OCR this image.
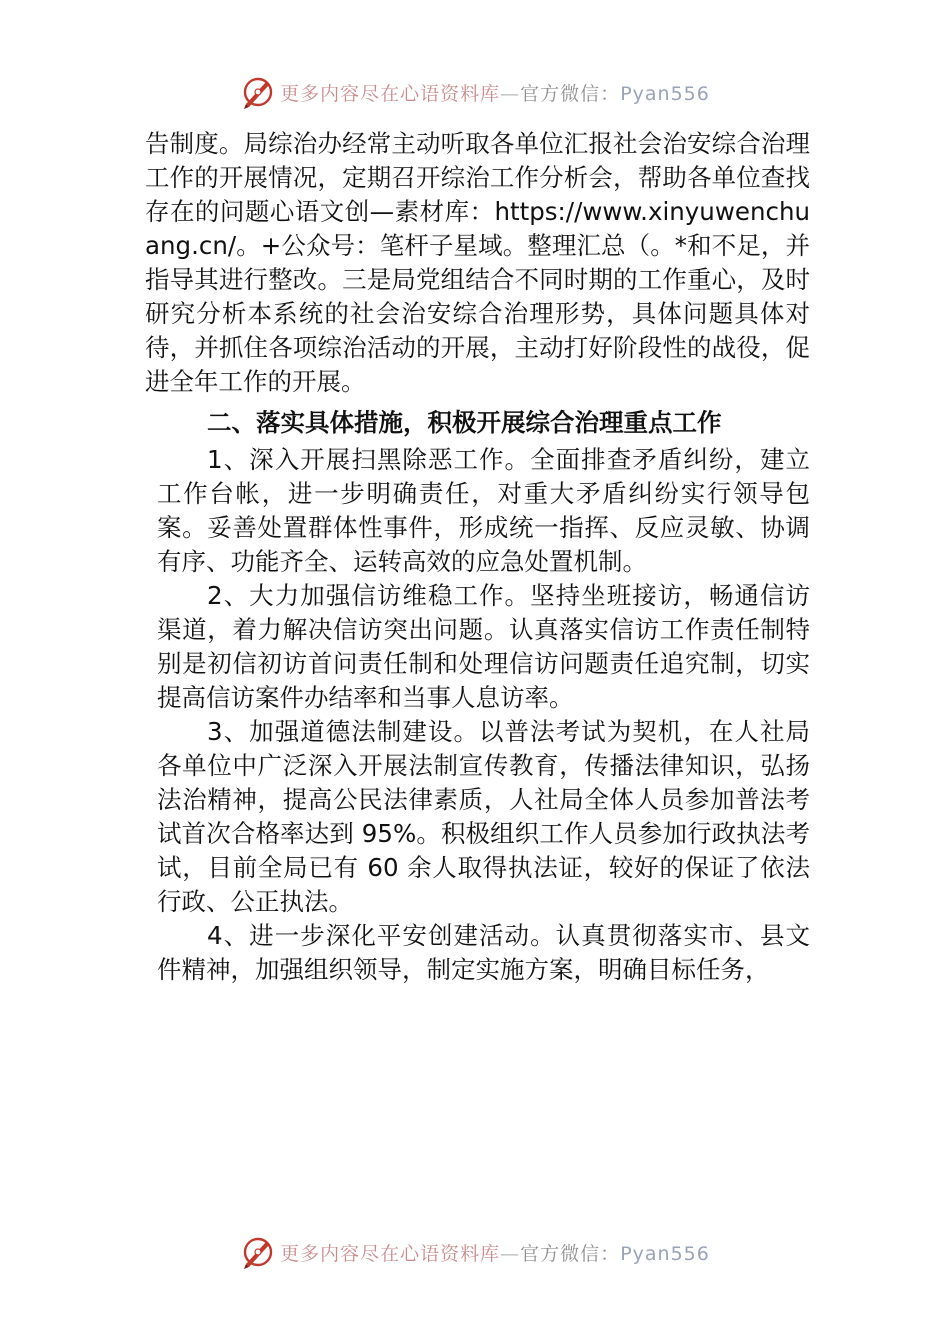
更多内容尽在心语资料库—官方微信：Pyan556

告制度。局综治办经常主动听取各单位汇报社会治安综合治理工作的开展情况，定期召开综治工作分析会，帮助各单位查找存在的问题心语文创—素材库：https://www.xinyuwenchuang.cn/。+公众号：笔杆子星域。整理汇总（。*和不足，并指导其进行整改。三是局党组结合不同时期的工作重心，及时研究分析本系统的社会治安综合治理形势，具体问题具体对待，并抓住各项综治活动的开展，主动打好阶段性的战役，促进全年工作的开展。

二、落实具体措施，积极开展综合治理重点工作

1、深入开展扫黑除恶工作。全面排查矛盾纠纷，建立工作台帐，进一步明确责任，对重大矛盾纠纷实行领导包案。妥善处置群体性事件，形成统一指挥、反应灵敏、协调有序、功能齐全、运转高效的应急处置机制。

2、大力加强信访维稳工作。坚持坐班接访，畅通信访渠道，着力解决信访突出问题。认真落实信访工作责任制特别是初信初访首问责任制和处理信访问题责任追究制，切实提高信访案件办结率和当事人息访率。

3、加强道德法制建设。以普法考试为契机，在人社局各单位中广泛深入开展法制宣传教育，传播法律知识，弘扬法治精神，提高公民法律素质，人社局全体人员参加普法考试首次合格率达到 95%。积极组织工作人员参加行政执法考试，目前全局已有 60 余人取得执法证，较好的保证了依法行政、公正执法。

4、进一步深化平安创建活动。认真贯彻落实市、县文件精神，加强组织领导，制定实施方案，明确目标任务，

更多内容尽在心语资料库—官方微信：Pyan556
